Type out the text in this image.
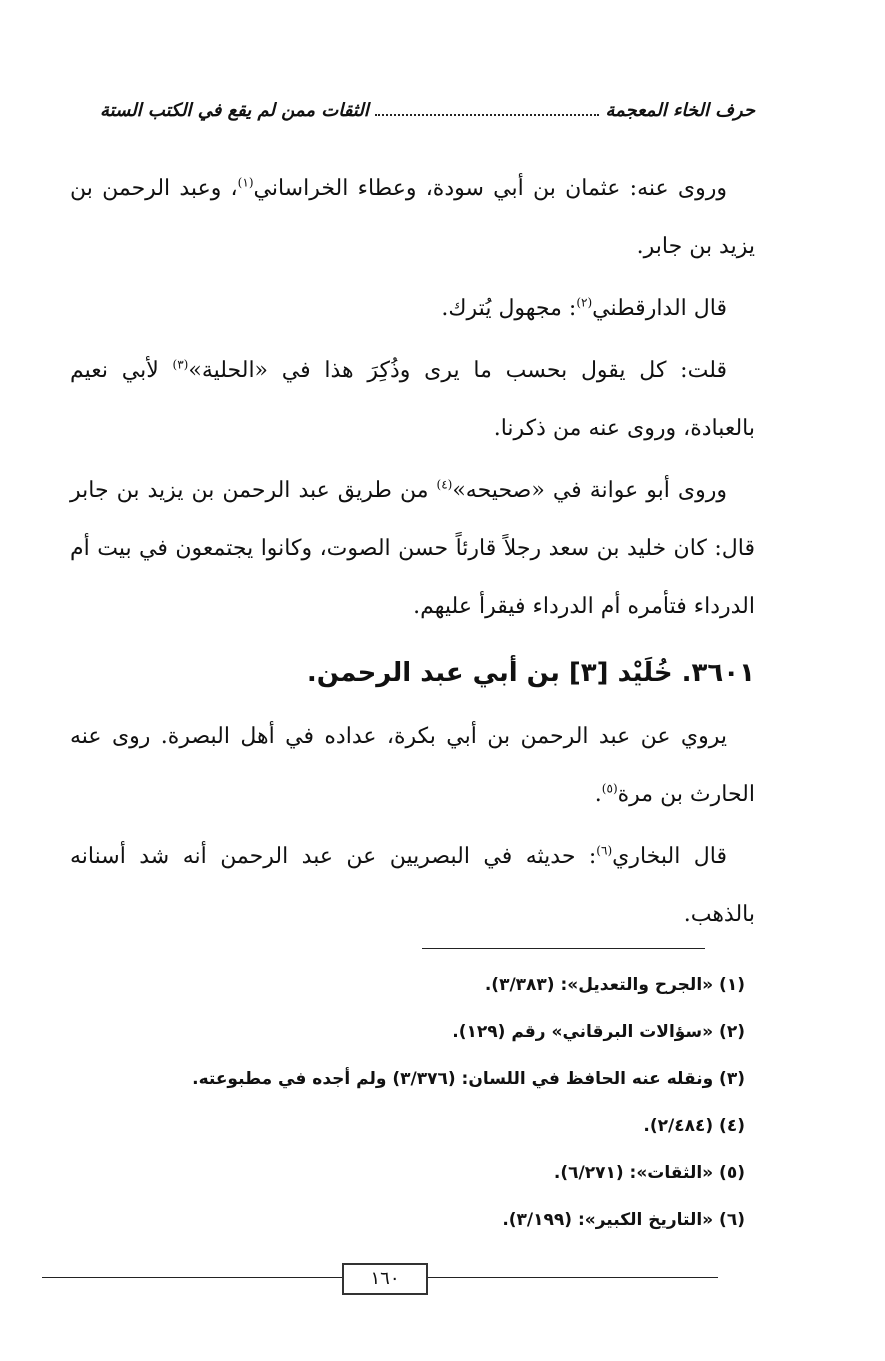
حرف الخاء المعجمة
الثقات ممن لم يقع في الكتب الستة

وروى عنه: عثمان بن أبي سودة، وعطاء الخراساني$^{(١)}$، وعبد الرحمن بن يزيد بن جابر.

قال الدارقطني$^{(٢)}$: مجهول يُترك.

قلت: كل يقول بحسب ما يرى وذُكِرَ هذا في «الحلية»$^{(٣)}$ لأبي نعيم بالعبادة، وروى عنه من ذكرنا.

وروى أبو عوانة في «صحيحه»$^{(٤)}$ من طريق عبد الرحمن بن يزيد بن جابر قال: كان خليد بن سعد رجلاً قارئاً حسن الصوت، وكانوا يجتمعون في بيت أم الدرداء فتأمره أم الدرداء فيقرأ عليهم.

٣٦٠١. خُلَيْد [٣] بن أبي عبد الرحمن.

يروي عن عبد الرحمن بن أبي بكرة، عداده في أهل البصرة. روى عنه الحارث بن مرة$^{(٥)}$.

قال البخاري$^{(٦)}$: حديثه في البصريين عن عبد الرحمن أنه شد أسنانه بالذهب.

(١) «الجرح والتعديل»: (٣/٣٨٣).
(٢) «سؤالات البرقاني» رقم (١٢٩).
(٣) ونقله عنه الحافظ في اللسان: (٣/٣٧٦) ولم أجده في مطبوعته.
(٤) (٢/٤٨٤).
(٥) «الثقات»: (٦/٢٧١).
(٦) «التاريخ الكبير»: (٣/١٩٩).
١٦٠
